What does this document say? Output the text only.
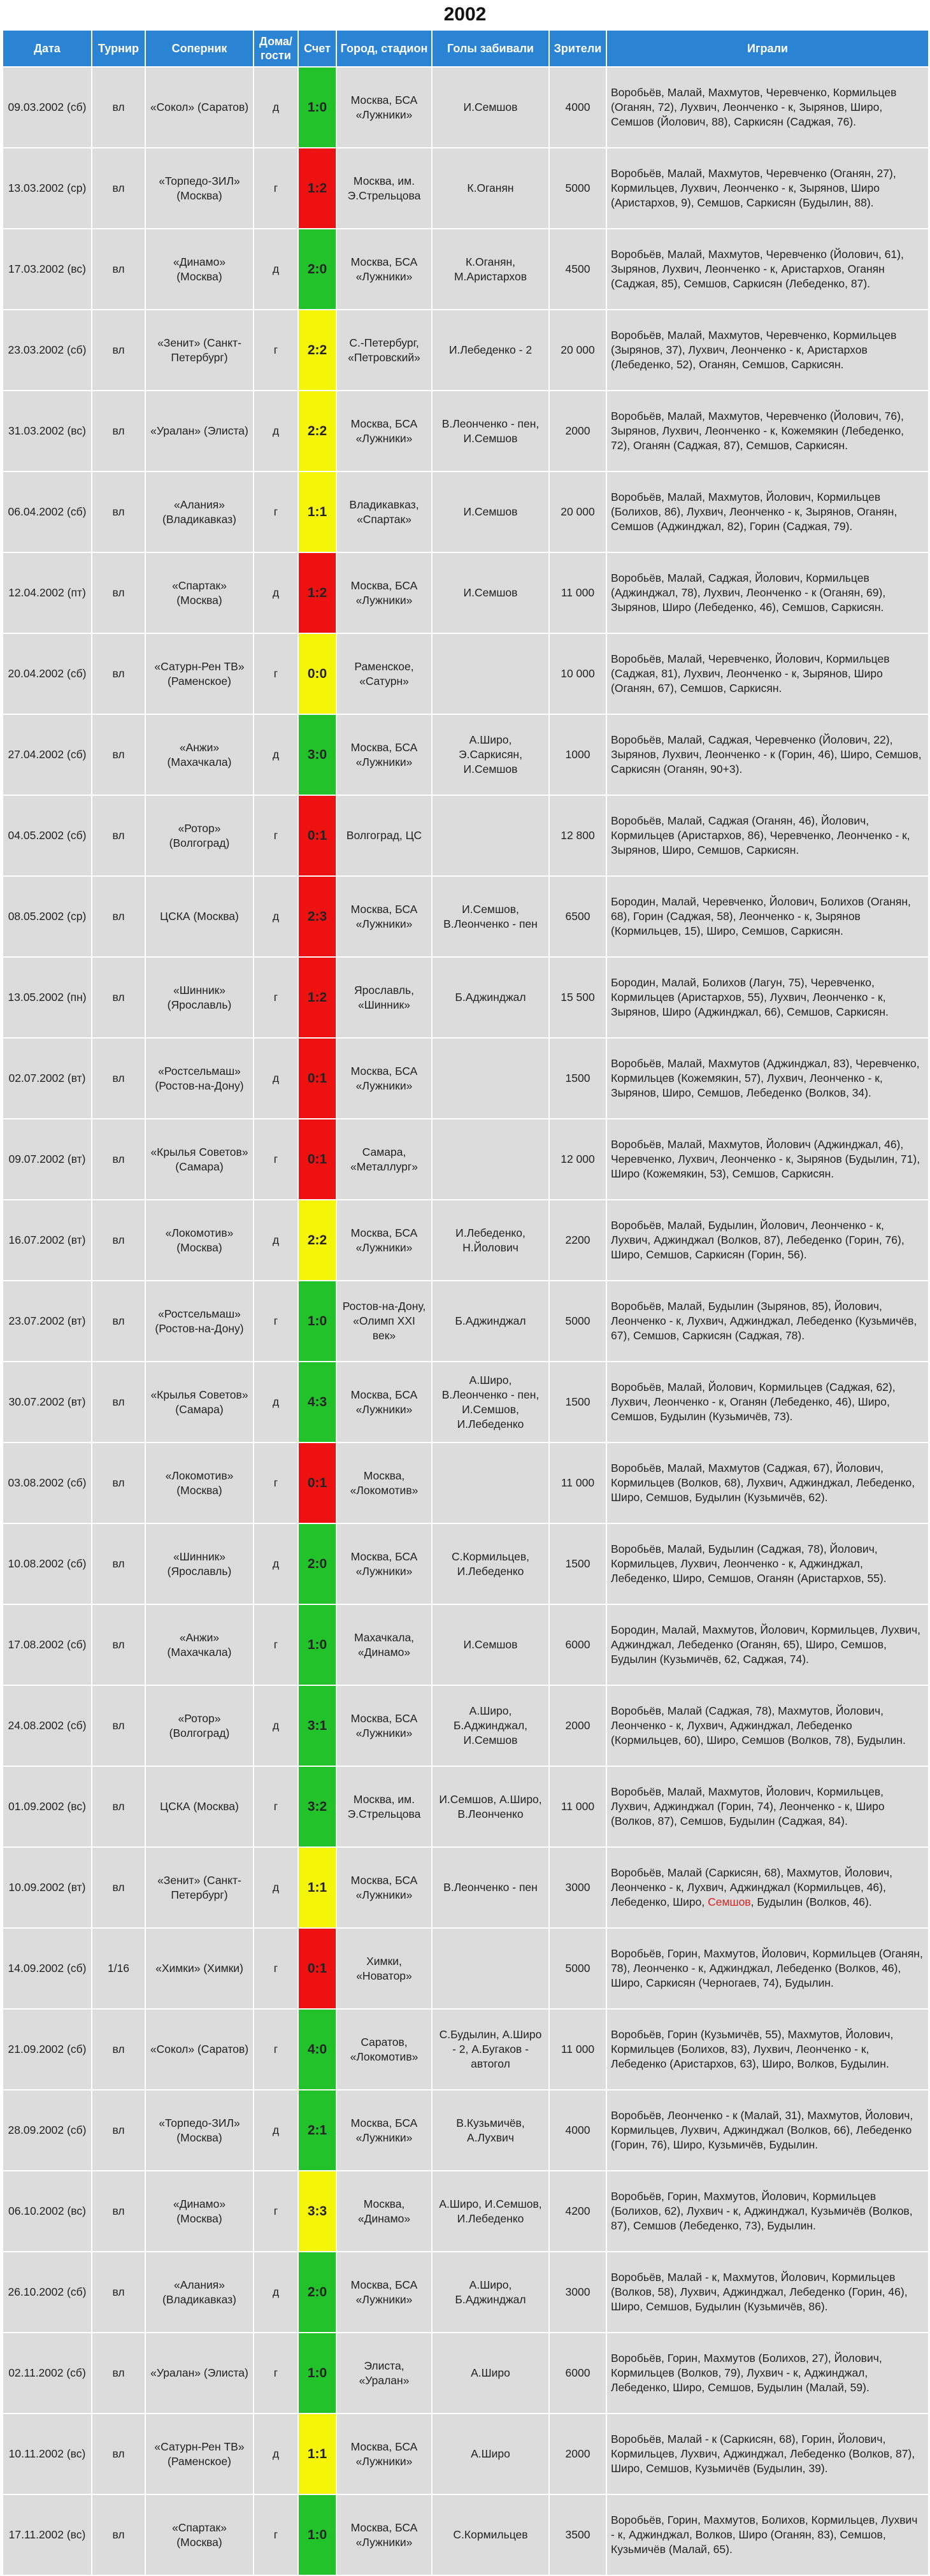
2002
Дата	Турнир	Соперник	Дома/гости	Счет	Город, стадион	Голы забивали	Зрители	Играли
09.03.2002 (сб)	вл	«Сокол» (Саратов)	д	1:0	Москва, БСА «Лужники»	И.Семшов	4000	Воробьёв, Малай, Махмутов, Черевченко, Кормильцев (Оганян, 72), Лухвич, Леонченко - к, Зырянов, Широ, Семшов (Йолович, 88), Саркисян (Саджая, 76).
13.03.2002 (ср)	вл	«Торпедо-ЗИЛ» (Москва)	г	1:2	Москва, им. Э.Стрельцова	К.Оганян	5000	Воробьёв, Малай, Махмутов, Черевченко (Оганян, 27), Кормильцев, Лухвич, Леонченко - к, Зырянов, Широ (Аристархов, 9), Семшов, Саркисян (Будылин, 88).
17.03.2002 (вс)	вл	«Динамо» (Москва)	д	2:0	Москва, БСА «Лужники»	К.Оганян, М.Аристархов	4500	Воробьёв, Малай, Махмутов, Черевченко (Йолович, 61), Зырянов, Лухвич, Леонченко - к, Аристархов, Оганян (Саджая, 85), Семшов, Саркисян (Лебеденко, 87).
23.03.2002 (сб)	вл	«Зенит» (Санкт-Петербург)	г	2:2	С.-Петербург, «Петровский»	И.Лебеденко - 2	20 000	Воробьёв, Малай, Махмутов, Черевченко, Кормильцев (Зырянов, 37), Лухвич, Леонченко - к, Аристархов (Лебеденко, 52), Оганян, Семшов, Саркисян.
31.03.2002 (вс)	вл	«Уралан» (Элиста)	д	2:2	Москва, БСА «Лужники»	В.Леонченко - пен, И.Семшов	2000	Воробьёв, Малай, Махмутов, Черевченко (Йолович, 76), Зырянов, Лухвич, Леонченко - к, Кожемякин (Лебеденко, 72), Оганян (Саджая, 87), Семшов, Саркисян.
06.04.2002 (сб)	вл	«Алания» (Владикавказ)	г	1:1	Владикавказ, «Спартак»	И.Семшов	20 000	Воробьёв, Малай, Махмутов, Йолович, Кормильцев (Болихов, 86), Лухвич, Леонченко - к, Зырянов, Оганян, Семшов (Аджинджал, 82), Горин (Саджая, 79).
12.04.2002 (пт)	вл	«Спартак» (Москва)	д	1:2	Москва, БСА «Лужники»	И.Семшов	11 000	Воробьёв, Малай, Саджая, Йолович, Кормильцев (Аджинджал, 78), Лухвич, Леонченко - к (Оганян, 69), Зырянов, Широ (Лебеденко, 46), Семшов, Саркисян.
20.04.2002 (сб)	вл	«Сатурн-Рен ТВ» (Раменское)	г	0:0	Раменское, «Сатурн»		10 000	Воробьёв, Малай, Черевченко, Йолович, Кормильцев (Саджая, 81), Лухвич, Леонченко - к, Зырянов, Широ (Оганян, 67), Семшов, Саркисян.
27.04.2002 (сб)	вл	«Анжи» (Махачкала)	д	3:0	Москва, БСА «Лужники»	А.Широ, Э.Саркисян, И.Семшов	1000	Воробьёв, Малай, Саджая, Черевченко (Йолович, 22), Зырянов, Лухвич, Леонченко - к (Горин, 46), Широ, Семшов, Саркисян (Оганян, 90+3).
04.05.2002 (сб)	вл	«Ротор» (Волгоград)	г	0:1	Волгоград, ЦС		12 800	Воробьёв, Малай, Саджая (Оганян, 46), Йолович, Кормильцев (Аристархов, 86), Черевченко, Леонченко - к, Зырянов, Широ, Семшов, Саркисян.
08.05.2002 (ср)	вл	ЦСКА (Москва)	д	2:3	Москва, БСА «Лужники»	И.Семшов, В.Леонченко - пен	6500	Бородин, Малай, Черевченко, Йолович, Болихов (Оганян, 68), Горин (Саджая, 58), Леонченко - к, Зырянов (Кормильцев, 15), Широ, Семшов, Саркисян.
13.05.2002 (пн)	вл	«Шинник» (Ярославль)	г	1:2	Ярославль, «Шинник»	Б.Аджинджал	15 500	Бородин, Малай, Болихов (Лагун, 75), Черевченко, Кормильцев (Аристархов, 55), Лухвич, Леонченко - к, Зырянов, Широ (Аджинджал, 66), Семшов, Саркисян.
02.07.2002 (вт)	вл	«Ростсельмаш» (Ростов-на-Дону)	д	0:1	Москва, БСА «Лужники»		1500	Воробьёв, Малай, Махмутов (Аджинджал, 83), Черевченко, Кормильцев (Кожемякин, 57), Лухвич, Леонченко - к, Зырянов, Широ, Семшов, Лебеденко (Волков, 34).
09.07.2002 (вт)	вл	«Крылья Советов» (Самара)	г	0:1	Самара, «Металлург»		12 000	Воробьёв, Малай, Махмутов, Йолович (Аджинджал, 46), Черевченко, Лухвич, Леонченко - к, Зырянов (Будылин, 71), Широ (Кожемякин, 53), Семшов, Саркисян.
16.07.2002 (вт)	вл	«Локомотив» (Москва)	д	2:2	Москва, БСА «Лужники»	И.Лебеденко, Н.Йолович	2200	Воробьёв, Малай, Будылин, Йолович, Леонченко - к, Лухвич, Аджинджал (Волков, 87), Лебеденко (Горин, 76), Широ, Семшов, Саркисян (Горин, 56).
23.07.2002 (вт)	вл	«Ростсельмаш» (Ростов-на-Дону)	г	1:0	Ростов-на-Дону, «Олимп XXI век»	Б.Аджинджал	5000	Воробьёв, Малай, Будылин (Зырянов, 85), Йолович, Леонченко - к, Лухвич, Аджинджал, Лебеденко (Кузьмичёв, 67), Семшов, Саркисян (Саджая, 78).
30.07.2002 (вт)	вл	«Крылья Советов» (Самара)	д	4:3	Москва, БСА «Лужники»	А.Широ, В.Леонченко - пен, И.Семшов, И.Лебеденко	1500	Воробьёв, Малай, Йолович, Кормильцев (Саджая, 62), Лухвич, Леонченко - к, Оганян (Лебеденко, 46), Широ, Семшов, Будылин (Кузьмичёв, 73).
03.08.2002 (сб)	вл	«Локомотив» (Москва)	г	0:1	Москва, «Локомотив»		11 000	Воробьёв, Малай, Махмутов (Саджая, 67), Йолович, Кормильцев (Волков, 68), Лухвич, Аджинджал, Лебеденко, Широ, Семшов, Будылин (Кузьмичёв, 62).
10.08.2002 (сб)	вл	«Шинник» (Ярославль)	д	2:0	Москва, БСА «Лужники»	С.Кормильцев, И.Лебеденко	1500	Воробьёв, Малай, Будылин (Саджая, 78), Йолович, Кормильцев, Лухвич, Леонченко - к, Аджинджал, Лебеденко, Широ, Семшов, Оганян (Аристархов, 55).
17.08.2002 (сб)	вл	«Анжи» (Махачкала)	г	1:0	Махачкала, «Динамо»	И.Семшов	6000	Бородин, Малай, Махмутов, Йолович, Кормильцев, Лухвич, Аджинджал, Лебеденко (Оганян, 65), Широ, Семшов, Будылин (Кузьмичёв, 62, Саджая, 74).
24.08.2002 (сб)	вл	«Ротор» (Волгоград)	д	3:1	Москва, БСА «Лужники»	А.Широ, Б.Аджинджал, И.Семшов	2000	Воробьёв, Малай (Саджая, 78), Махмутов, Йолович, Леонченко - к, Лухвич, Аджинджал, Лебеденко (Кормильцев, 60), Широ, Семшов (Волков, 78), Будылин.
01.09.2002 (вс)	вл	ЦСКА (Москва)	г	3:2	Москва, им. Э.Стрельцова	И.Семшов, А.Широ, В.Леонченко	11 000	Воробьёв, Малай, Махмутов, Йолович, Кормильцев, Лухвич, Аджинджал (Горин, 74), Леонченко - к, Широ (Волков, 87), Семшов, Будылин (Саджая, 84).
10.09.2002 (вт)	вл	«Зенит» (Санкт-Петербург)	д	1:1	Москва, БСА «Лужники»	В.Леонченко - пен	3000	Воробьёв, Малай (Саркисян, 68), Махмутов, Йолович, Леонченко - к, Лухвич, Аджинджал (Кормильцев, 46), Лебеденко, Широ, Семшов, Будылин (Волков, 46).
14.09.2002 (сб)	1/16	«Химки» (Химки)	г	0:1	Химки, «Новатор»		5000	Воробьёв, Горин, Махмутов, Йолович, Кормильцев (Оганян, 78), Леонченко - к, Аджинджал, Лебеденко (Волков, 46), Широ, Саркисян (Черногаев, 74), Будылин.
21.09.2002 (сб)	вл	«Сокол» (Саратов)	г	4:0	Саратов, «Локомотив»	С.Будылин, А.Широ - 2, А.Бугаков - автогол	11 000	Воробьёв, Горин (Кузьмичёв, 55), Махмутов, Йолович, Кормильцев (Болихов, 83), Лухвич, Леонченко - к, Лебеденко (Аристархов, 63), Широ, Волков, Будылин.
28.09.2002 (сб)	вл	«Торпедо-ЗИЛ» (Москва)	д	2:1	Москва, БСА «Лужники»	В.Кузьмичёв, А.Лухвич	4000	Воробьёв, Леонченко - к (Малай, 31), Махмутов, Йолович, Кормильцев, Лухвич, Аджинджал (Волков, 66), Лебеденко (Горин, 76), Широ, Кузьмичёв, Будылин.
06.10.2002 (вс)	вл	«Динамо» (Москва)	г	3:3	Москва, «Динамо»	А.Широ, И.Семшов, И.Лебеденко	4200	Воробьёв, Горин, Махмутов, Йолович, Кормильцев (Болихов, 62), Лухвич - к, Аджинджал, Кузьмичёв (Волков, 87), Семшов (Лебеденко, 73), Будылин.
26.10.2002 (сб)	вл	«Алания» (Владикавказ)	д	2:0	Москва, БСА «Лужники»	А.Широ, Б.Аджинджал	3000	Воробьёв, Малай - к, Махмутов, Йолович, Кормильцев (Волков, 58), Лухвич, Аджинджал, Лебеденко (Горин, 46), Широ, Семшов, Будылин (Кузьмичёв, 86).
02.11.2002 (сб)	вл	«Уралан» (Элиста)	г	1:0	Элиста, «Уралан»	А.Широ	6000	Воробьёв, Горин, Махмутов (Болихов, 27), Йолович, Кормильцев (Волков, 79), Лухвич - к, Аджинджал, Лебеденко, Широ, Семшов, Будылин (Малай, 59).
10.11.2002 (вс)	вл	«Сатурн-Рен ТВ» (Раменское)	д	1:1	Москва, БСА «Лужники»	А.Широ	2000	Воробьёв, Малай - к (Саркисян, 68), Горин, Йолович, Кормильцев, Лухвич, Аджинджал, Лебеденко (Волков, 87), Широ, Семшов, Кузьмичёв (Будылин, 39).
17.11.2002 (вс)	вл	«Спартак» (Москва)	г	1:0	Москва, БСА «Лужники»	С.Кормильцев	3500	Воробьёв, Горин, Махмутов, Болихов, Кормильцев, Лухвич - к, Аджинджал, Волков, Широ (Оганян, 83), Семшов, Кузьмичёв (Малай, 65).
